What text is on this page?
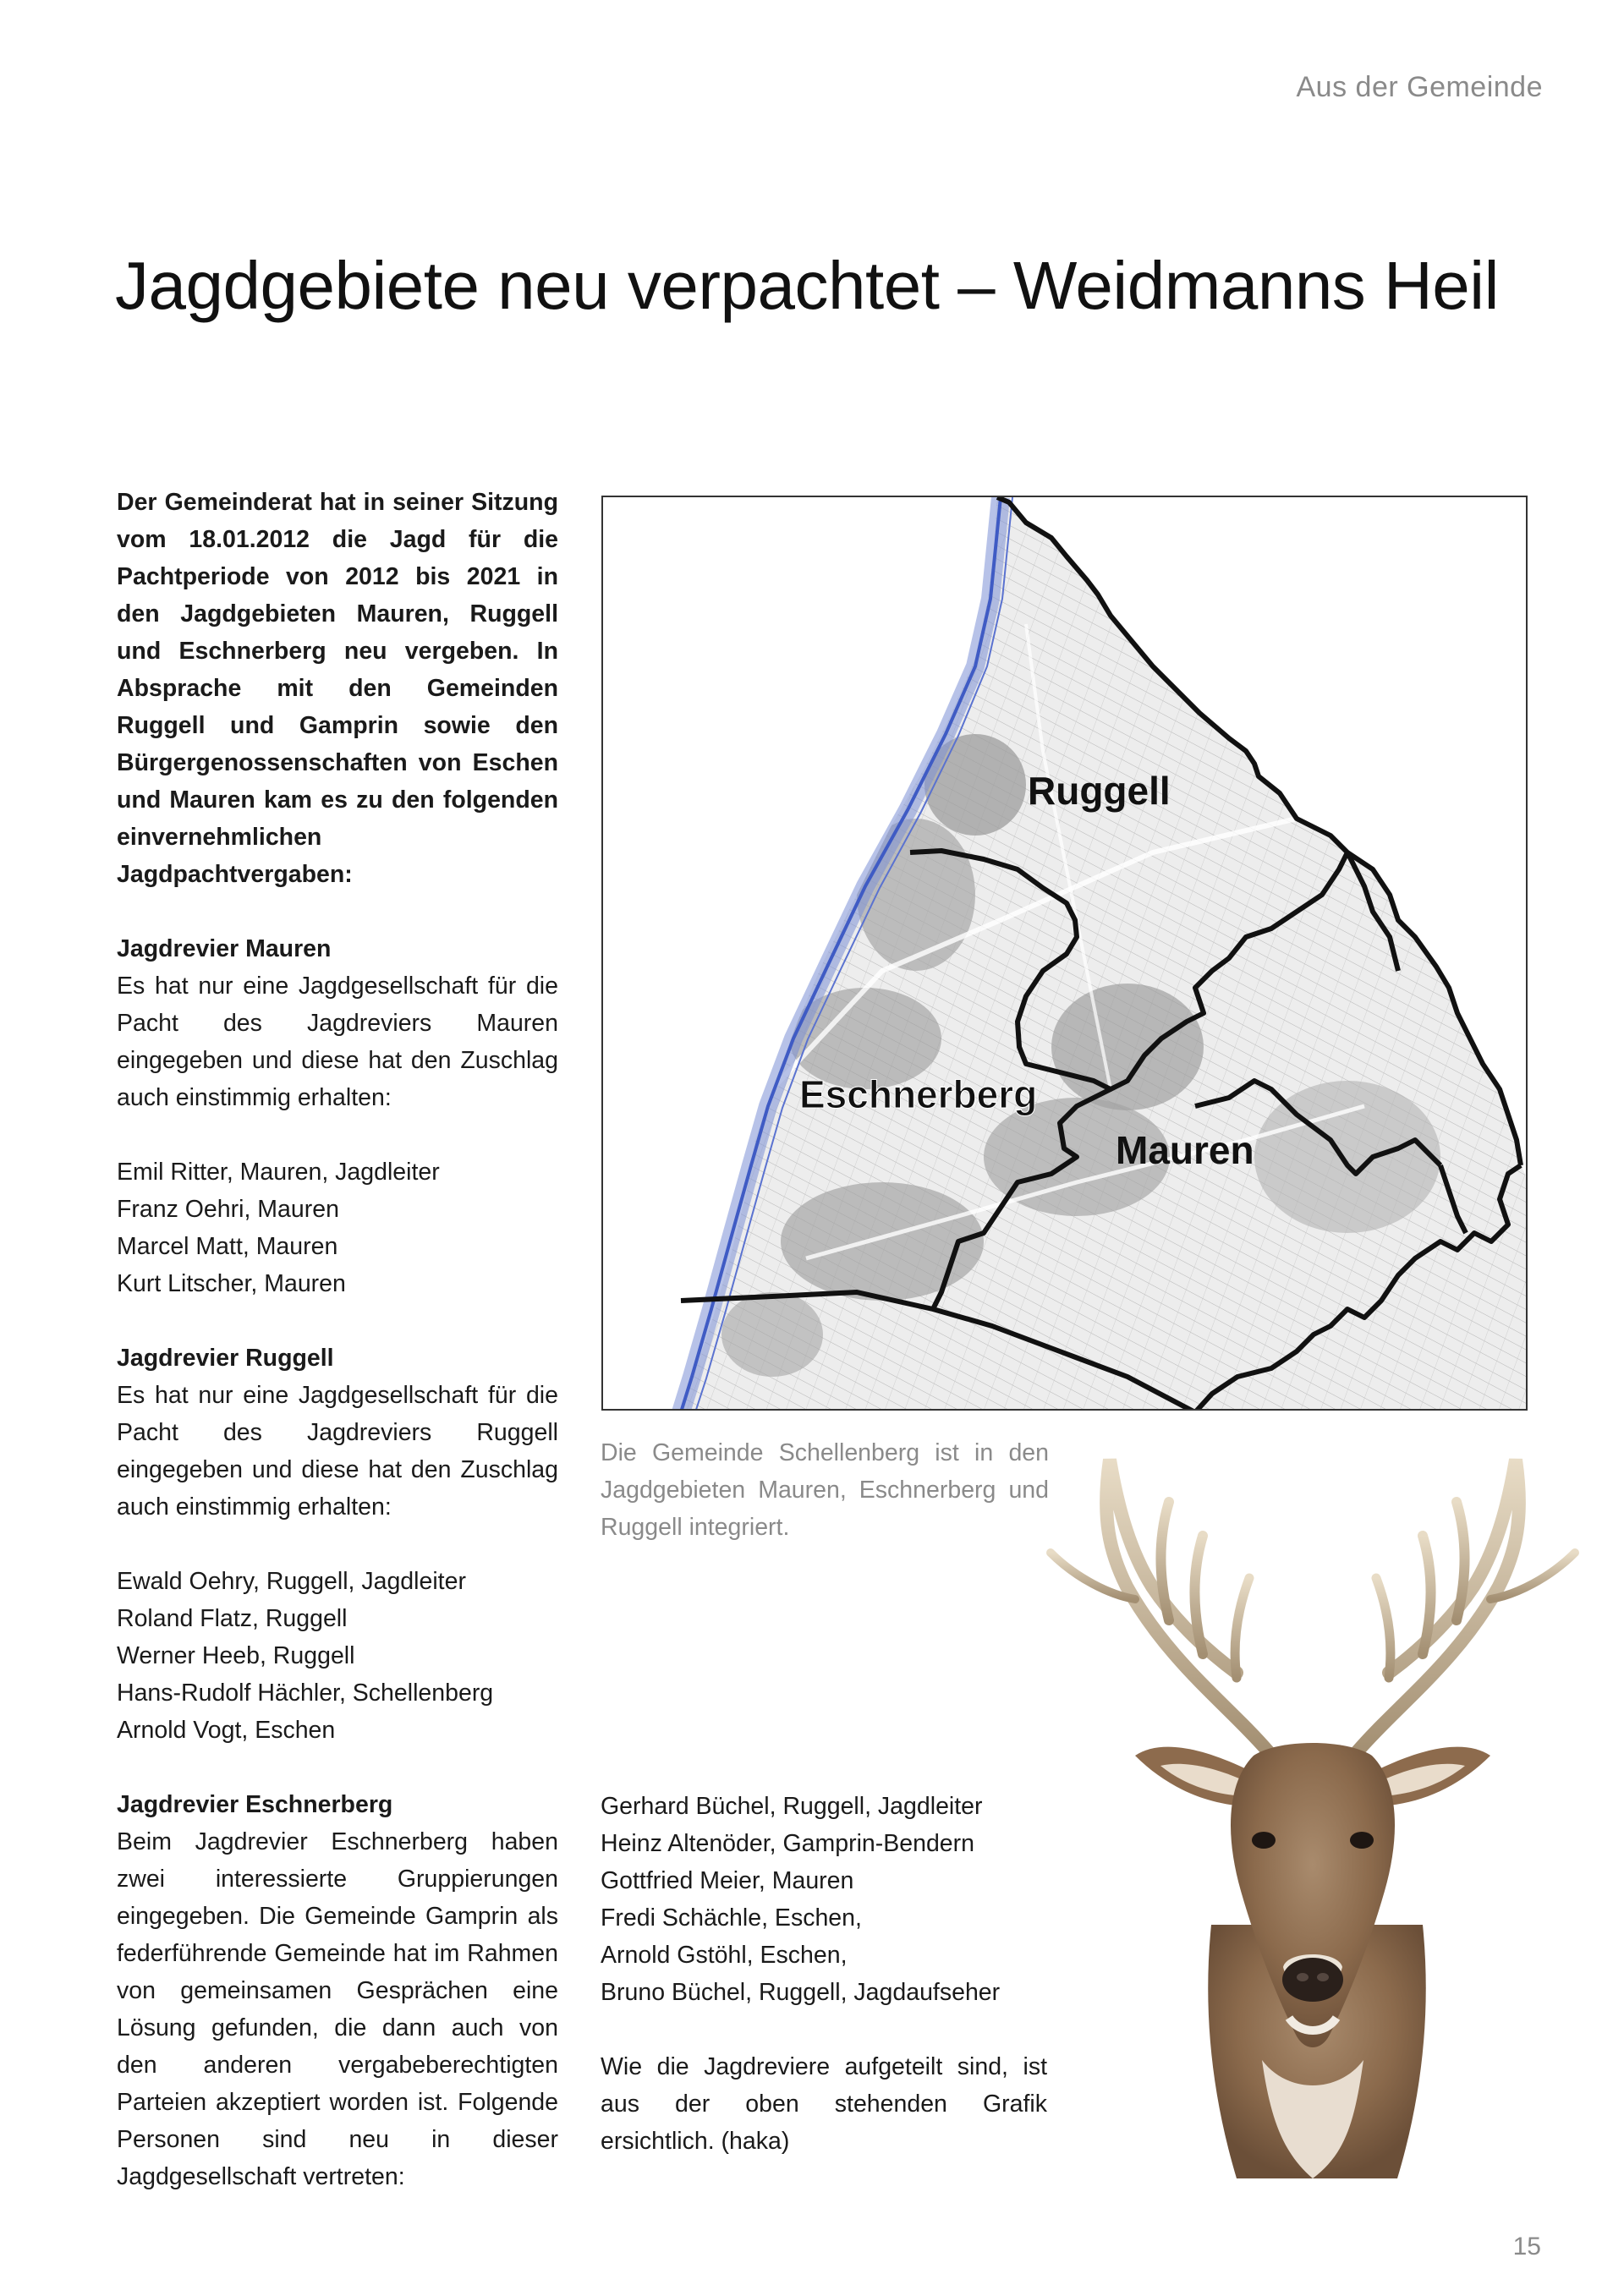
Aus der Gemeinde
Jagdgebiete neu verpachtet – Weidmanns Heil

Der Gemeinderat hat in seiner Sitzung vom 18.01.2012 die Jagd für die Pachtperiode von 2012 bis 2021 in den Jagdgebieten Mauren, Ruggell und Eschnerberg neu vergeben. In Absprache mit den Gemeinden Ruggell und Gamprin sowie den Bürgergenossenschaften von Eschen und Mauren kam es zu den folgenden einvernehmlichen Jagdpachtvergaben:

Jagdrevier Mauren

Es hat nur eine Jagdgesellschaft für die Pacht des Jagdreviers Mauren eingegeben und diese hat den Zuschlag auch einstimmig erhalten:

Emil Ritter, Mauren, Jagdleiter
Franz Oehri, Mauren
Marcel Matt, Mauren
Kurt Litscher, Mauren
Jagdrevier Ruggell

Es hat nur eine Jagdgesellschaft für die Pacht des Jagdreviers Ruggell eingegeben und diese hat den Zuschlag auch einstimmig erhalten:

Ewald Oehry, Ruggell, Jagdleiter
Roland Flatz, Ruggell
Werner Heeb, Ruggell
Hans-Rudolf Hächler, Schellenberg
Arnold Vogt, Eschen
Jagdrevier Eschnerberg

Beim Jagdrevier Eschnerberg haben zwei interessierte Gruppierungen eingegeben. Die Gemeinde Gamprin als federführende Gemeinde hat im Rahmen von gemeinsamen Gesprächen eine Lösung gefunden, die dann auch von den anderen vergabeberechtigten Parteien akzeptiert worden ist. Folgende Personen sind neu in dieser Jagdgesellschaft vertreten:

Gerhard Büchel, Ruggell, Jagdleiter
Heinz Altenöder, Gamprin-Bendern
Gottfried Meier, Mauren
Fredi Schächle, Eschen,
Arnold Gstöhl, Eschen,
Bruno Büchel, Ruggell, Jagdaufseher

Wie die Jagdreviere aufgeteilt sind, ist aus der oben stehenden Grafik ersichtlich. (haka)

Ruggell
Eschnerberg
Mauren
Die Gemeinde Schellenberg ist in den Jagdgebieten Mauren, Eschnerberg und Ruggell integriert.
15
